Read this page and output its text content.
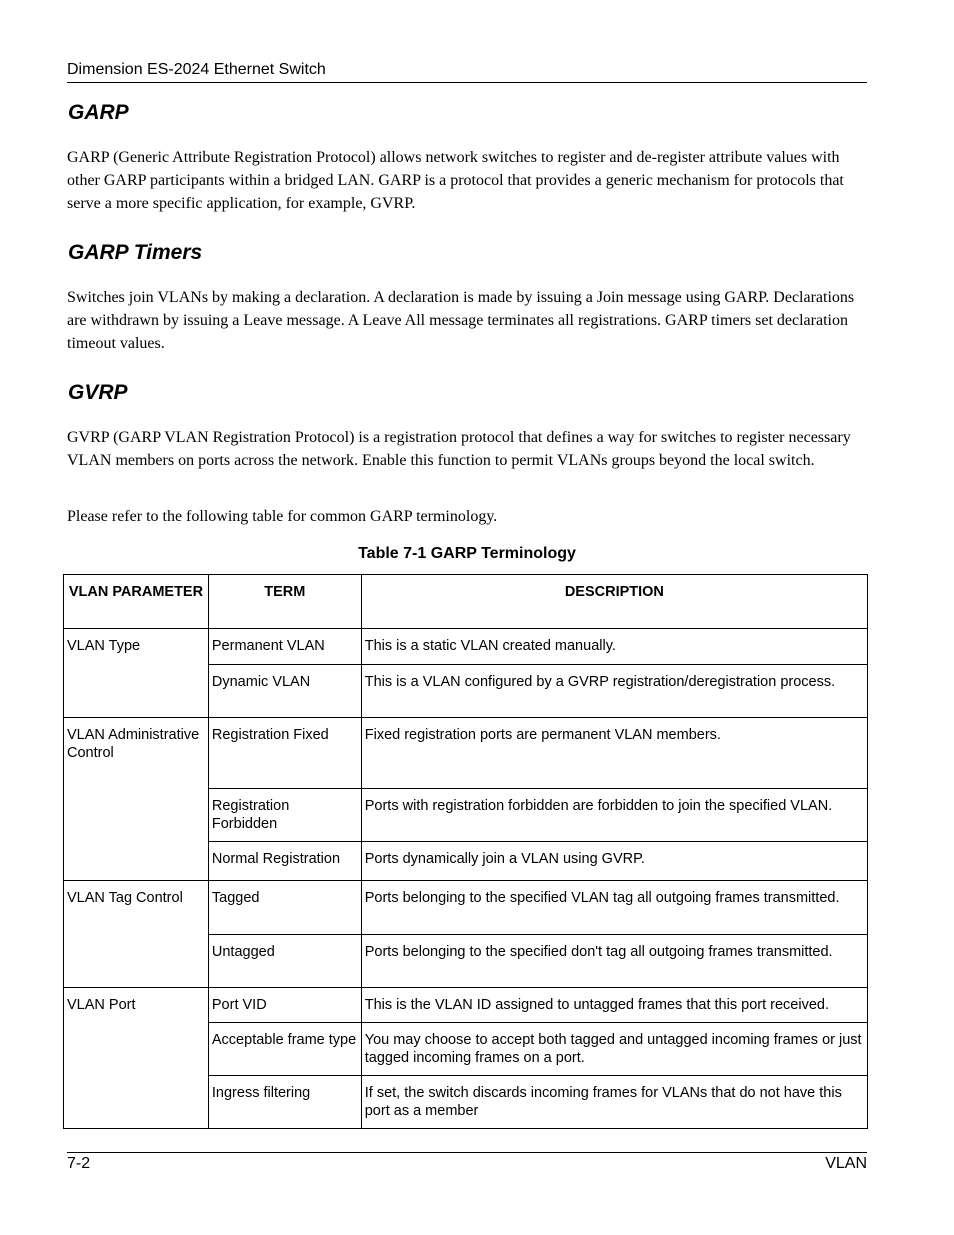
Dimension ES-2024 Ethernet Switch
GARP

GARP (Generic Attribute Registration Protocol) allows network switches to register and de-register attribute values with other GARP participants within a bridged LAN. GARP is a protocol that provides a generic mechanism for protocols that serve a more specific application, for example, GVRP.

GARP Timers

Switches join VLANs by making a declaration. A declaration is made by issuing a Join message using GARP. Declarations are withdrawn by issuing a Leave message. A Leave All message terminates all registrations. GARP timers set declaration timeout values.

GVRP

GVRP (GARP VLAN Registration Protocol) is a registration protocol that defines a way for switches to register necessary VLAN members on ports across the network. Enable this function to permit VLANs groups beyond the local switch.

Please refer to the following table for common GARP terminology.

Table 7-1 GARP Terminology
VLAN PARAMETER	TERM	DESCRIPTION
VLAN Type	Permanent VLAN	This is a static VLAN created manually.
	Dynamic VLAN	This is a VLAN configured by a GVRP registration/deregistration process.
VLAN Administrative Control	Registration Fixed	Fixed registration ports are permanent VLAN members.
	Registration Forbidden	Ports with registration forbidden are forbidden to join the specified VLAN.
	Normal Registration	Ports dynamically join a VLAN using GVRP.
VLAN Tag Control	Tagged	Ports belonging to the specified VLAN tag all outgoing frames transmitted.
	Untagged	Ports belonging to the specified don't tag all outgoing frames transmitted.
VLAN Port	Port VID	This is the VLAN ID assigned to untagged frames that this port received.
	Acceptable frame type	You may choose to accept both tagged and untagged incoming frames or just tagged incoming frames on a port.
	Ingress filtering	If set, the switch discards incoming frames for VLANs that do not have this port as a member
7-2	VLAN
